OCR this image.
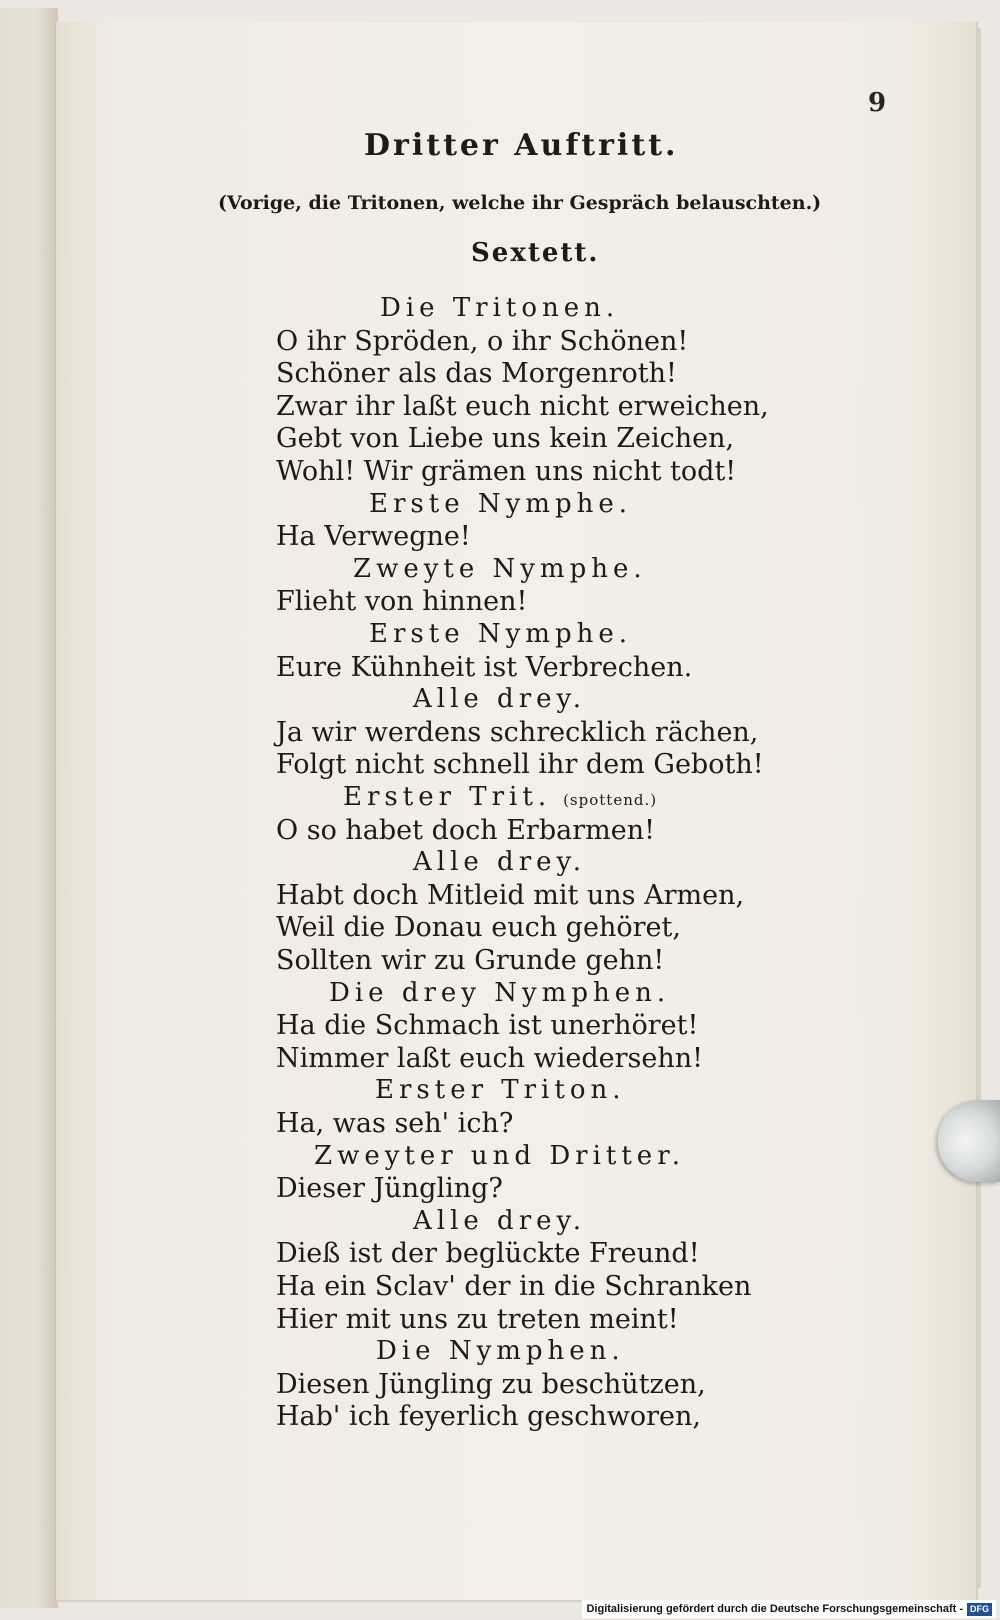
9
Dritter Auftritt.
(Vorige, die Tritonen, welche ihr Gespräch belauschten.)
Sextett.
Die Tritonen.
O ihr Spröden, o ihr Schönen!
Schöner als das Morgenroth!
Zwar ihr laßt euch nicht erweichen,
Gebt von Liebe uns kein Zeichen,
Wohl! Wir grämen uns nicht todt!
Erste Nymphe.
Ha Verwegne!
Zweyte Nymphe.
Flieht von hinnen!
Erste Nymphe.
Eure Kühnheit ist Verbrechen.
Alle drey.
Ja wir werdens schrecklich rächen,
Folgt nicht schnell ihr dem Geboth!
Erster Trit. (spottend.)
O so habet doch Erbarmen!
Alle drey.
Habt doch Mitleid mit uns Armen,
Weil die Donau euch gehöret,
Sollten wir zu Grunde gehn!
Die drey Nymphen.
Ha die Schmach ist unerhöret!
Nimmer laßt euch wiedersehn!
Erster Triton.
Ha, was seh' ich?
Zweyter und Dritter.
Dieser Jüngling?
Alle drey.
Dieß ist der beglückte Freund!
Ha ein Sclav' der in die Schranken
Hier mit uns zu treten meint!
Die Nymphen.
Diesen Jüngling zu beschützen,
Hab' ich feyerlich geschworen,
Digitalisierung gefördert durch die Deutsche Forschungsgemeinschaft - DFG
